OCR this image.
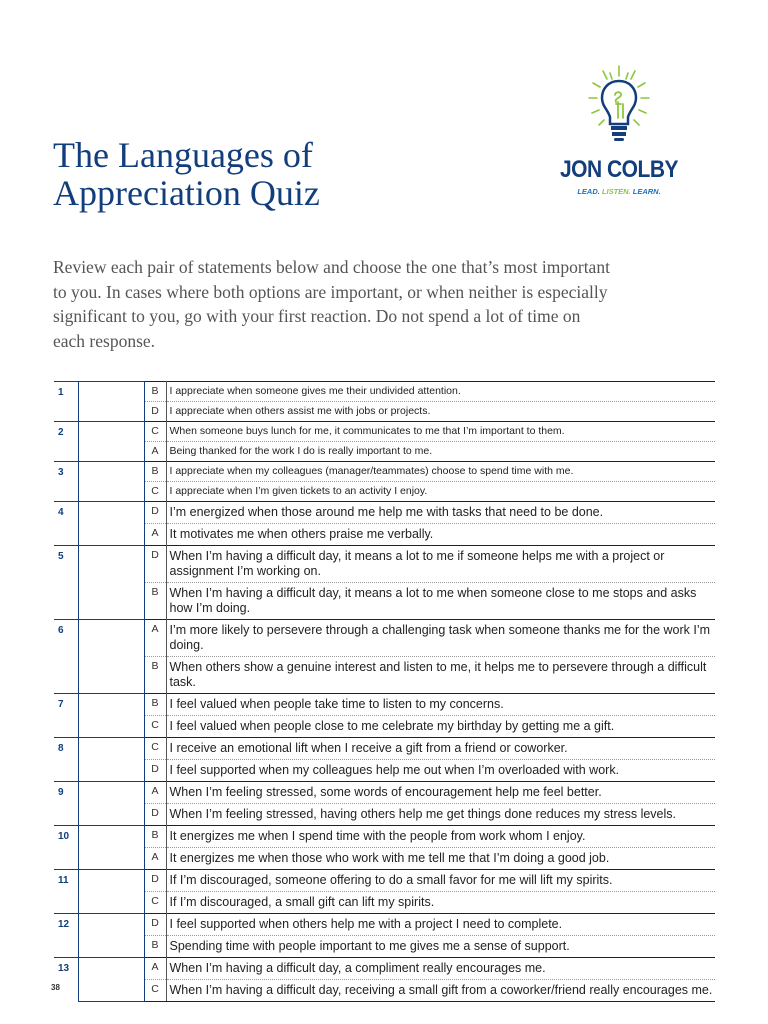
The Languages of
Appreciation Quiz

Review each pair of statements below and choose the one that’s most important to you. In cases where both options are important, or when neither is especially significant to you, go with your first reaction. Do not spend a lot of time on each response.

JON COLBY
LEAD. LISTEN. LEARN.
1		B	I appreciate when someone gives me their undivided attention.
		D	I appreciate when others assist me with jobs or projects.
2		C	When someone buys lunch for me, it communicates to me that I’m important to them.
		A	Being thanked for the work I do is really important to me.
3		B	I appreciate when my colleagues (manager/teammates) choose to spend time with me.
		C	I appreciate when I’m given tickets to an activity I enjoy.
4		D	I’m energized when those around me help me with tasks that need to be done.
		A	It motivates me when others praise me verbally.
5		D	When I’m having a difficult day, it means a lot to me if someone helps me with a project or assignment I’m working on.
		B	When I’m having a difficult day, it means a lot to me when someone close to me stops and asks how I’m doing.
6		A	I’m more likely to persevere through a challenging task when someone thanks me for the work I’m doing.
		B	When others show a genuine interest and listen to me, it helps me to persevere through a difficult task.
7		B	I feel valued when people take time to listen to my concerns.
		C	I feel valued when people close to me celebrate my birthday by getting me a gift.
8		C	I receive an emotional lift when I receive a gift from a friend or coworker.
		D	I feel supported when my colleagues help me out when I’m overloaded with work.
9		A	When I’m feeling stressed, some words of encouragement help me feel better.
		D	When I’m feeling stressed, having others help me get things done reduces my stress levels.
10		B	It energizes me when I spend time with the people from work whom I enjoy.
		A	It energizes me when those who work with me tell me that I’m doing a good job.
11		D	If I’m discouraged, someone offering to do a small favor for me will lift my spirits.
		C	If I’m discouraged, a small gift can lift my spirits.
12		D	I feel supported when others help me with a project I need to complete.
		B	Spending time with people important to me gives me a sense of support.
13		A	When I’m having a difficult day, a compliment really encourages me.
		C	When I’m having a difficult day, receiving a small gift from a coworker/friend really encourages me.
38
